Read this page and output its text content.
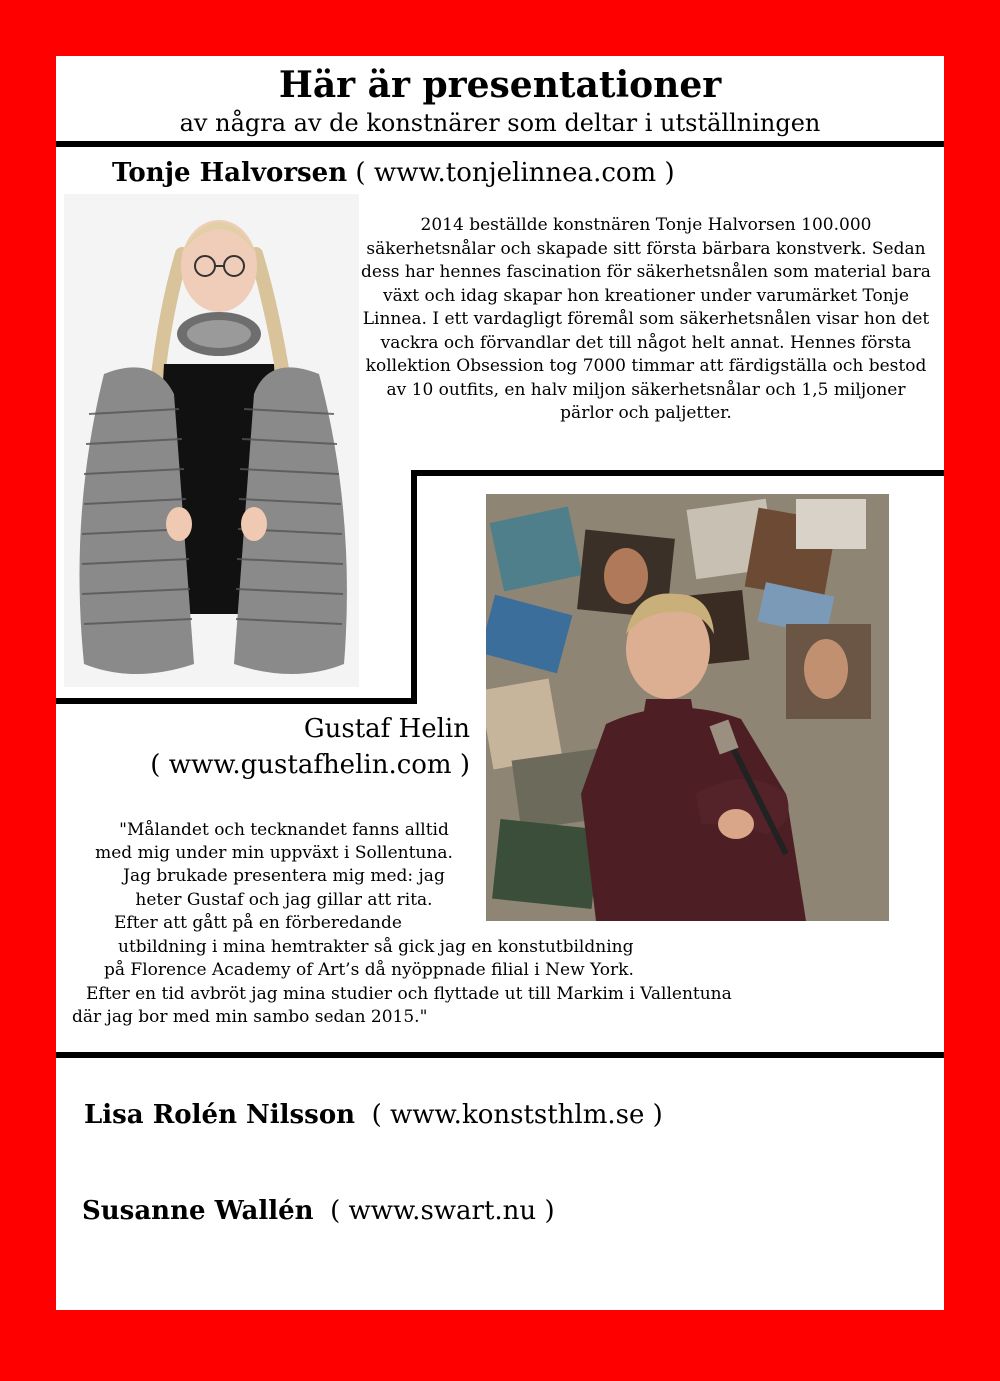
Här är presentationer
av några av de konstnärer som deltar i utställningen
Tonje Halvorsen ( www.tonjelinnea.com )
2014 beställde konstnären Tonje Halvorsen 100.000 säkerhetsnålar och skapade sitt första bärbara konstverk. Sedan dess har hennes fascination för säkerhetsnålen som material bara växt och idag skapar hon kreationer under varumärket Tonje Linnea. I ett vardagligt föremål som säkerhetsnålen visar hon det vackra och förvandlar det till något helt annat. Hennes första kollektion Obsession tog 7000 timmar att färdigställa och bestod av 10 outfits, en halv miljon säkerhetsnålar och 1,5 miljoner pärlor och paljetter.
Gustaf Helin
( www.gustafhelin.com )
"Målandet och tecknandet fanns alltid
med mig under min uppväxt i Sollentuna.
Jag brukade presentera mig med: jag
heter Gustaf och jag gillar att rita.
Efter att gått på en förberedande
utbildning i mina hemtrakter så gick jag en konstutbildning
på Florence Academy of Art’s då nyöppnade filial i New York.
Efter en tid avbröt jag mina studier och flyttade ut till Markim i Vallentuna
där jag bor med min sambo sedan 2015."
Lisa Rolén Nilsson ( www.konststhlm.se )
Susanne Wallén ( www.swart.nu )
